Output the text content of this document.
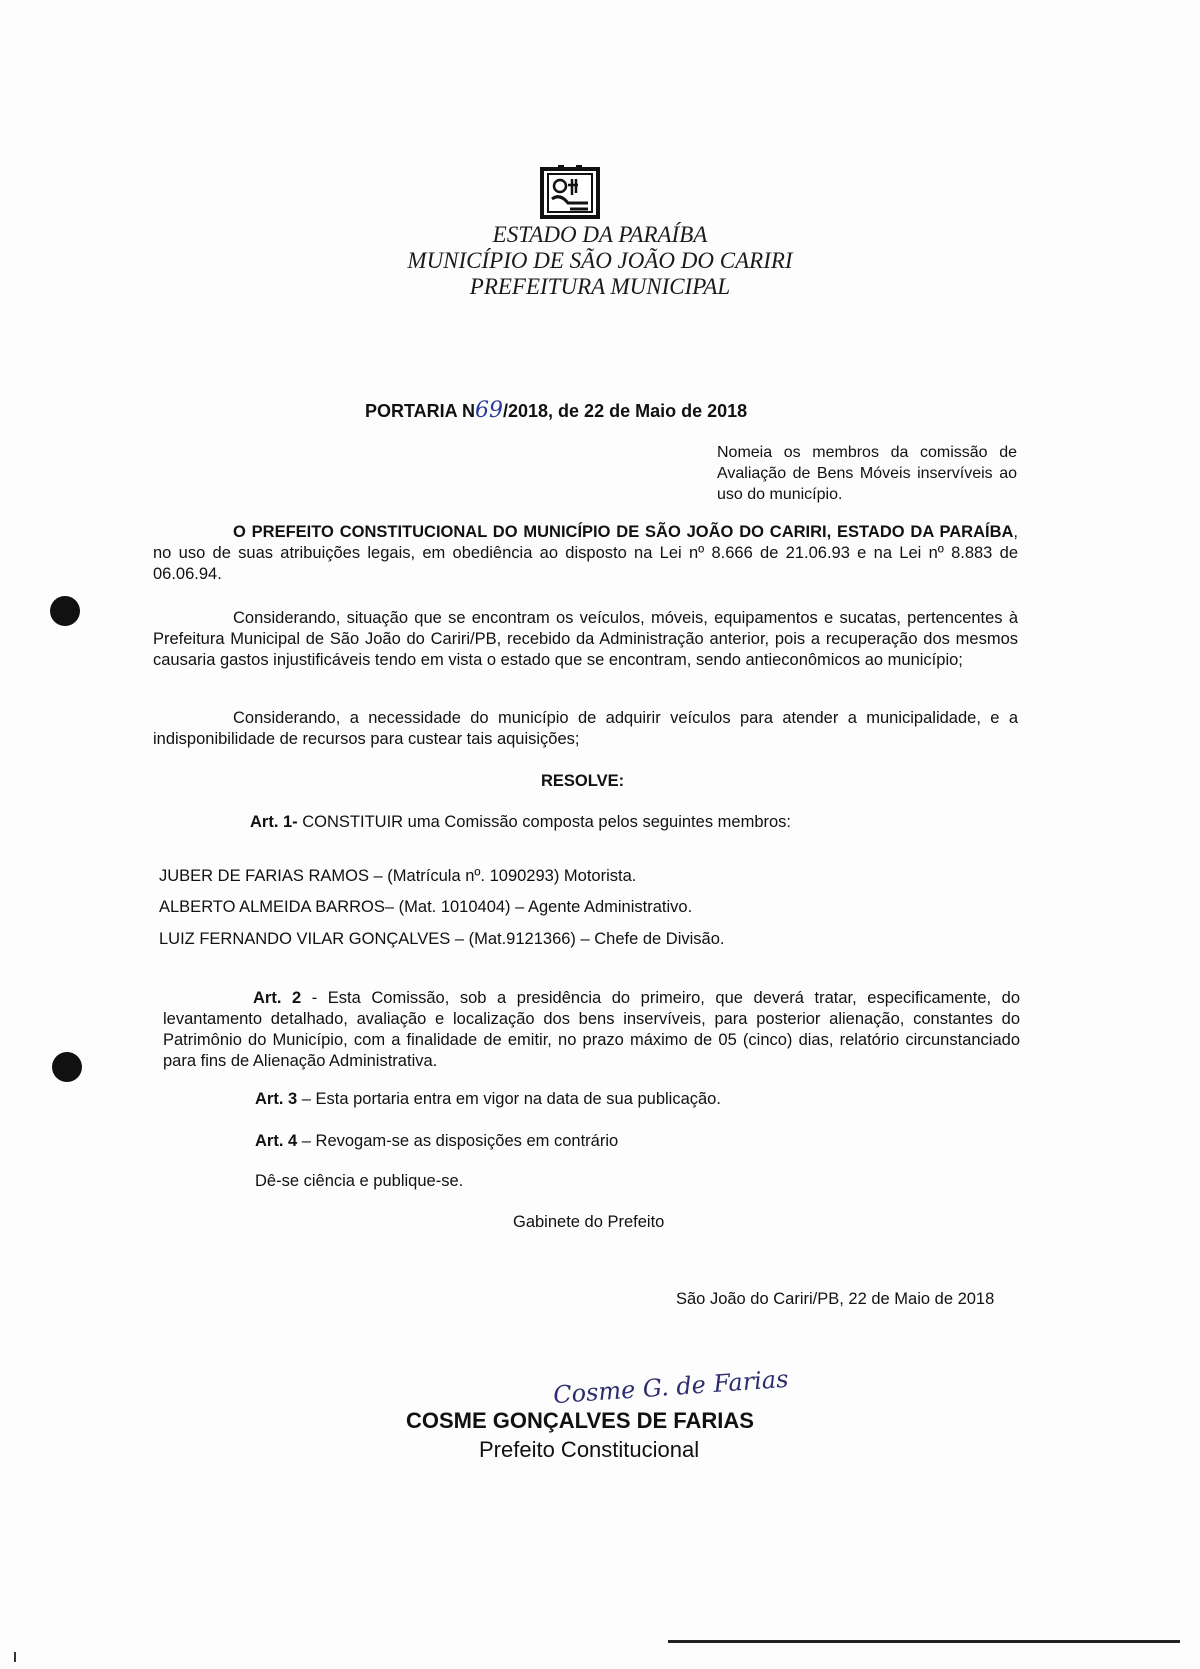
ESTADO DA PARAÍBA
MUNICÍPIO DE SÃO JOÃO DO CARIRI
PREFEITURA MUNICIPAL
PORTARIA N69/2018, de 22 de Maio de 2018
Nomeia os membros da comissão de Avaliação de Bens Móveis inservíveis ao uso do município.
O PREFEITO CONSTITUCIONAL DO MUNICÍPIO DE SÃO JOÃO DO CARIRI, ESTADO DA PARAÍBA, no uso de suas atribuições legais, em obediência ao disposto na Lei nº 8.666 de 21.06.93 e na Lei nº 8.883 de 06.06.94.
Considerando, situação que se encontram os veículos, móveis, equipamentos e sucatas, pertencentes à Prefeitura Municipal de São João do Cariri/PB, recebido da Administração anterior, pois a recuperação dos mesmos causaria gastos injustificáveis tendo em vista o estado que se encontram, sendo antieconômicos ao município;
Considerando, a necessidade do município de adquirir veículos para atender a municipalidade, e a indisponibilidade de recursos para custear tais aquisições;
RESOLVE:
Art. 1- CONSTITUIR uma Comissão composta pelos seguintes membros:
JUBER DE FARIAS RAMOS – (Matrícula nº. 1090293) Motorista.
ALBERTO ALMEIDA BARROS– (Mat. 1010404) – Agente Administrativo.
LUIZ FERNANDO VILAR GONÇALVES – (Mat.9121366) – Chefe de Divisão.
Art. 2 - Esta Comissão, sob a presidência do primeiro, que deverá tratar, especificamente, do levantamento detalhado, avaliação e localização dos bens inservíveis, para posterior alienação, constantes do Patrimônio do Município, com a finalidade de emitir, no prazo máximo de 05 (cinco) dias, relatório circunstanciado para fins de Alienação Administrativa.
Art. 3 – Esta portaria entra em vigor na data de sua publicação.
Art. 4 – Revogam-se as disposições em contrário
Dê-se ciência e publique-se.
Gabinete do Prefeito
São João do Cariri/PB, 22 de Maio de 2018
Cosme G. de Farias
COSME GONÇALVES DE FARIAS
Prefeito Constitucional
